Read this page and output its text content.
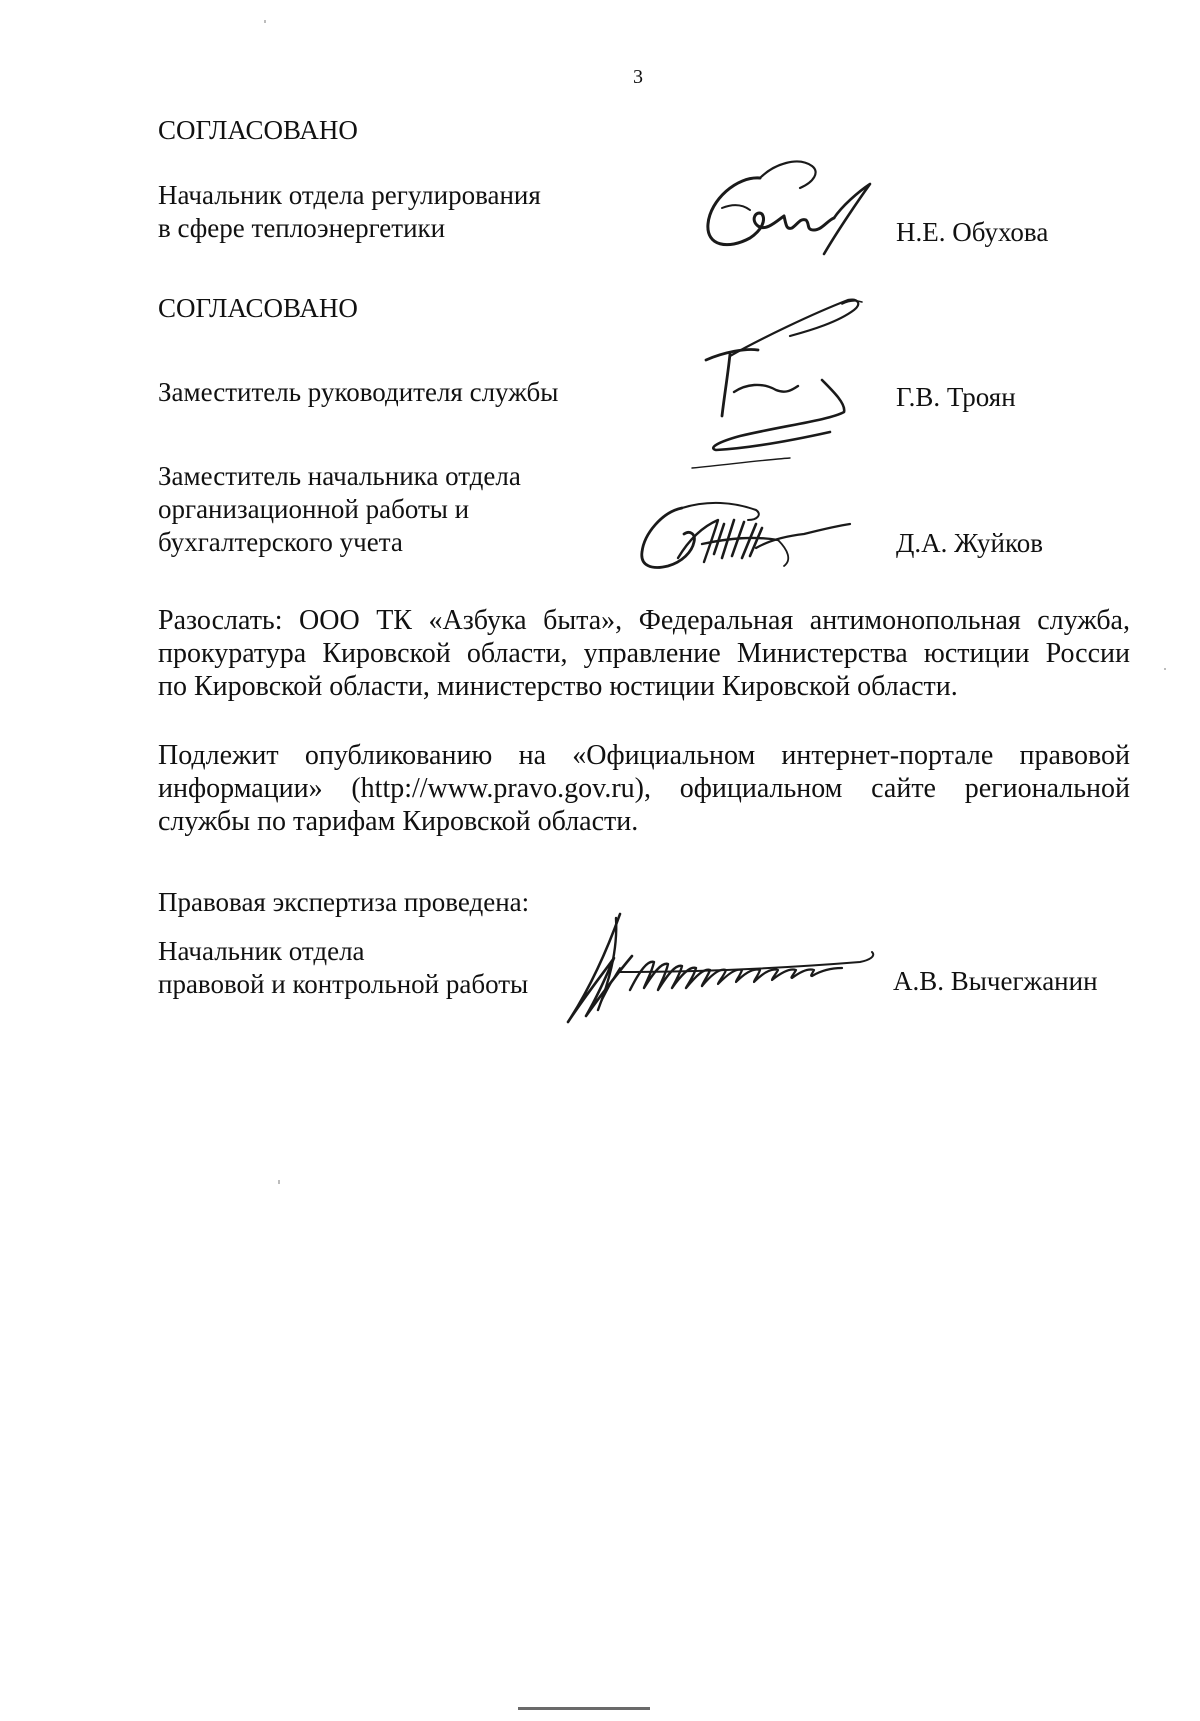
3
СОГЛАСОВАНО
Начальник отдела регулирования
в сфере теплоэнергетики	Н.Е. Обухова
СОГЛАСОВАНО
Заместитель руководителя службы	Г.В. Троян
Заместитель начальника отдела
организационной работы и
бухгалтерского учета	Д.А. Жуйков
Разослать: ООО ТК «Азбука быта», Федеральная антимонопольная служба,
прокуратура Кировской области, управление Министерства юстиции России
по Кировской области, министерство юстиции Кировской области.
Подлежит опубликованию на «Официальном интернет-портале правовой
информации» (http://www.pravo.gov.ru), официальном сайте региональной
службы по тарифам Кировской области.
Правовая экспертиза проведена:
Начальник отдела
правовой и контрольной работы	А.В. Вычегжанин
